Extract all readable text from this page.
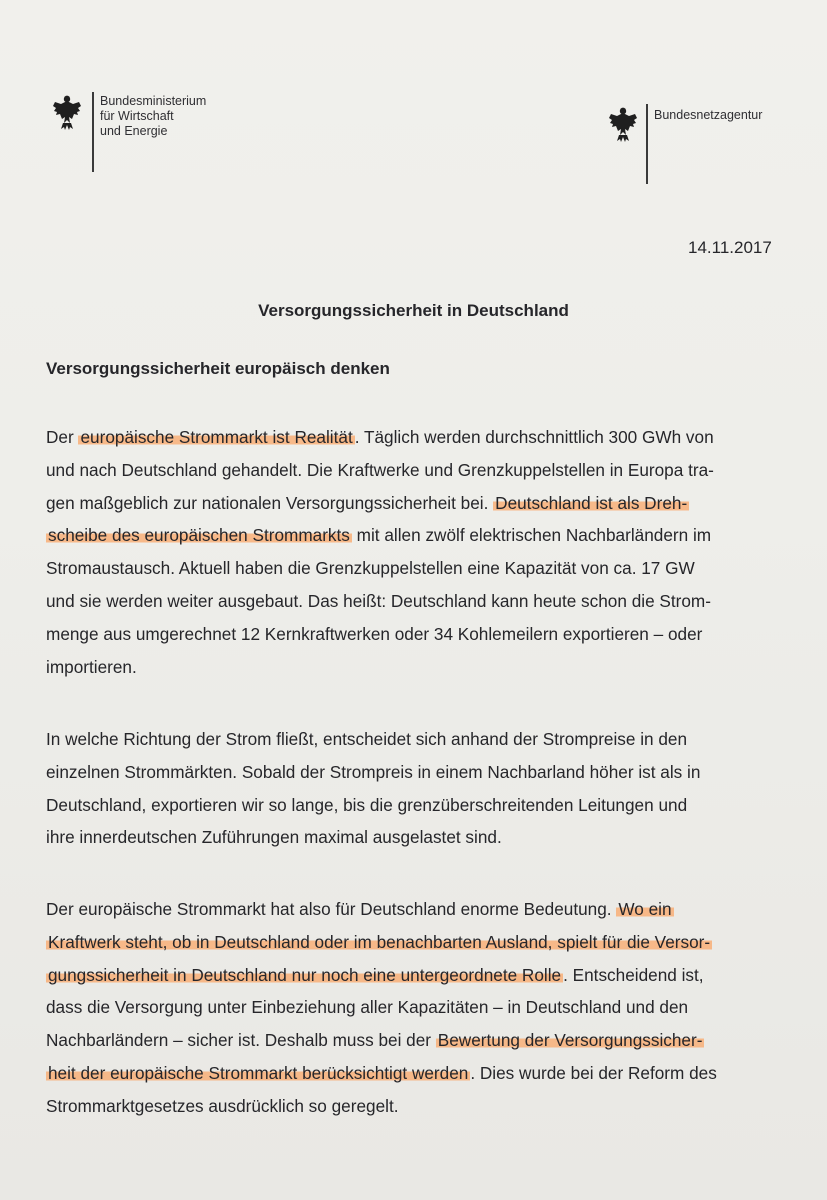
Bundesministerium
für Wirtschaft
und Energie
Bundesnetzagentur
14.11.2017
Versorgungssicherheit in Deutschland
Versorgungssicherheit europäisch denken
Der europäische Strommarkt ist Realität . Täglich werden durchschnittlich 300 GWh von
und nach Deutschland gehandelt. Die Kraftwerke und Grenzkuppelstellen in Europa tra-
gen maßgeblich zur nationalen Versorgungssicherheit bei. Deutschland ist als Dreh-
scheibe des europäischen Strommarkts mit allen zwölf elektrischen Nachbarländern im
Stromaustausch. Aktuell haben die Grenzkuppelstellen eine Kapazität von ca. 17 GW
und sie werden weiter ausgebaut. Das heißt: Deutschland kann heute schon die Strom-
menge aus umgerechnet 12 Kernkraftwerken oder 34 Kohlemeilern exportieren – oder
importieren.
In welche Richtung der Strom fließt, entscheidet sich anhand der Strompreise in den
einzelnen Strommärkten. Sobald der Strompreis in einem Nachbarland höher ist als in
Deutschland, exportieren wir so lange, bis die grenzüberschreitenden Leitungen und
ihre innerdeutschen Zuführungen maximal ausgelastet sind.
Der europäische Strommarkt hat also für Deutschland enorme Bedeutung. Wo ein
Kraftwerk steht, ob in Deutschland oder im benachbarten Ausland, spielt für die Versor-
gungssicherheit in Deutschland nur noch eine untergeordnete Rolle . Entscheidend ist,
dass die Versorgung unter Einbeziehung aller Kapazitäten – in Deutschland und den
Nachbarländern – sicher ist. Deshalb muss bei der Bewertung der Versorgungssicher-
heit der europäische Strommarkt berücksichtigt werden . Dies wurde bei der Reform des
Strommarktgesetzes ausdrücklich so geregelt.
